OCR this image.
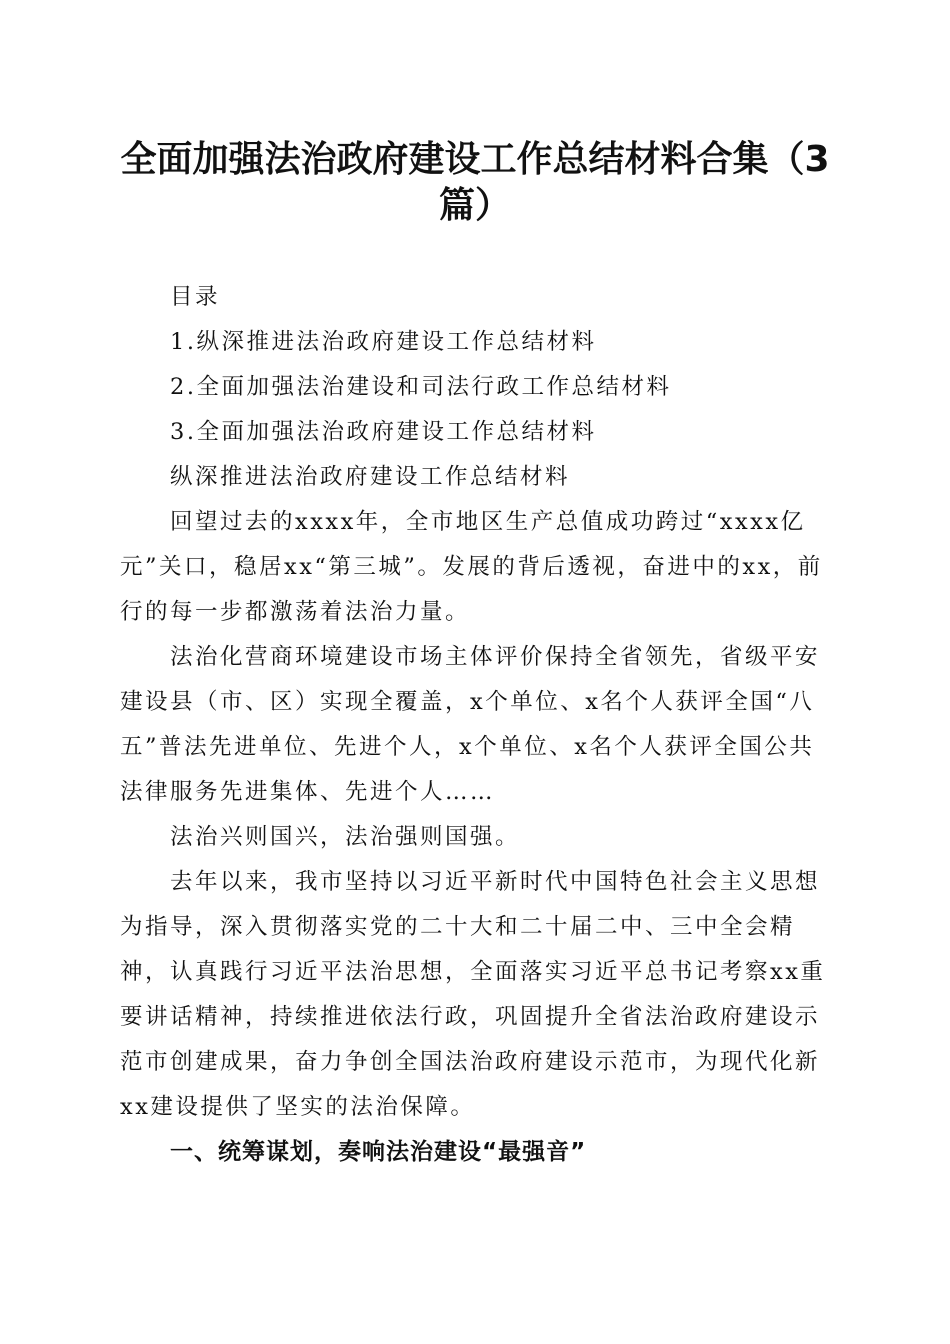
全面加强法治政府建设工作总结材料合集（3
篇）

目录

1.纵深推进法治政府建设工作总结材料

2.全面加强法治建设和司法行政工作总结材料

3.全面加强法治政府建设工作总结材料

纵深推进法治政府建设工作总结材料

回望过去的xxxx年，全市地区生产总值成功跨过“xxxx亿元”关口，稳居xx“第三城”。发展的背后透视，奋进中的xx，前行的每一步都激荡着法治力量。

法治化营商环境建设市场主体评价保持全省领先，省级平安建设县（市、区）实现全覆盖，x个单位、x名个人获评全国“八五”普法先进单位、先进个人，x个单位、x名个人获评全国公共法律服务先进集体、先进个人……

法治兴则国兴，法治强则国强。

去年以来，我市坚持以习近平新时代中国特色社会主义思想为指导，深入贯彻落实党的二十大和二十届二中、三中全会精神，认真践行习近平法治思想，全面落实习近平总书记考察xx重要讲话精神，持续推进依法行政，巩固提升全省法治政府建设示范市创建成果，奋力争创全国法治政府建设示范市，为现代化新xx建设提供了坚实的法治保障。

一、统筹谋划，奏响法治建设“最强音”
